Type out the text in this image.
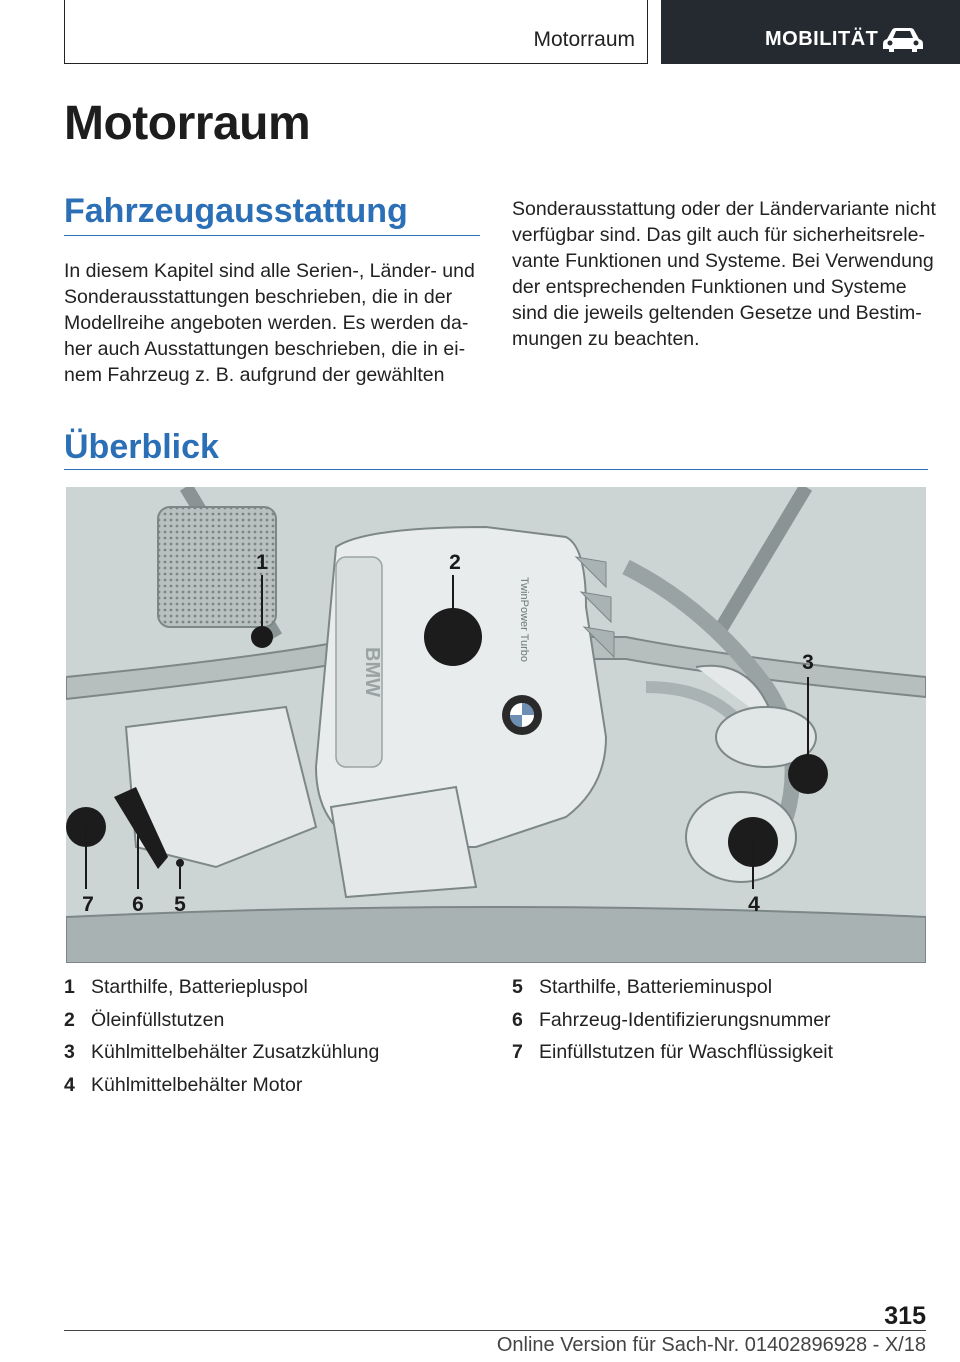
Motorraum	MOBILITÄT
Motorraum
Fahrzeugausstattung

In diesem Kapitel sind alle Serien-, Länder- und
Sonderausstattungen beschrieben, die in der
Modellreihe angeboten werden. Es werden da-
her auch Ausstattungen beschrieben, die in ei-
nem Fahrzeug z. B. aufgrund der gewählten

Sonderausstattung oder der Ländervariante nicht
verfügbar sind. Das gilt auch für sicherheitsrele-
vante Funktionen und Systeme. Bei Verwendung
der entsprechenden Funktionen und Systeme
sind die jeweils geltenden Gesetze und Bestim-
mungen zu beachten.

Überblick
BMW
TwinPower Turbo
1	2
3
4
5
6
7
1 Starthilfe, Batteriepluspol
2 Öleinfüllstutzen
3 Kühlmittelbehälter Zusatzkühlung
4 Kühlmittelbehälter Motor
5 Starthilfe, Batterieminuspol
6 Fahrzeug-Identifizierungsnummer
7 Einfüllstutzen für Waschflüssigkeit
315
Online Version für Sach-Nr. 01402896928 - X/18
